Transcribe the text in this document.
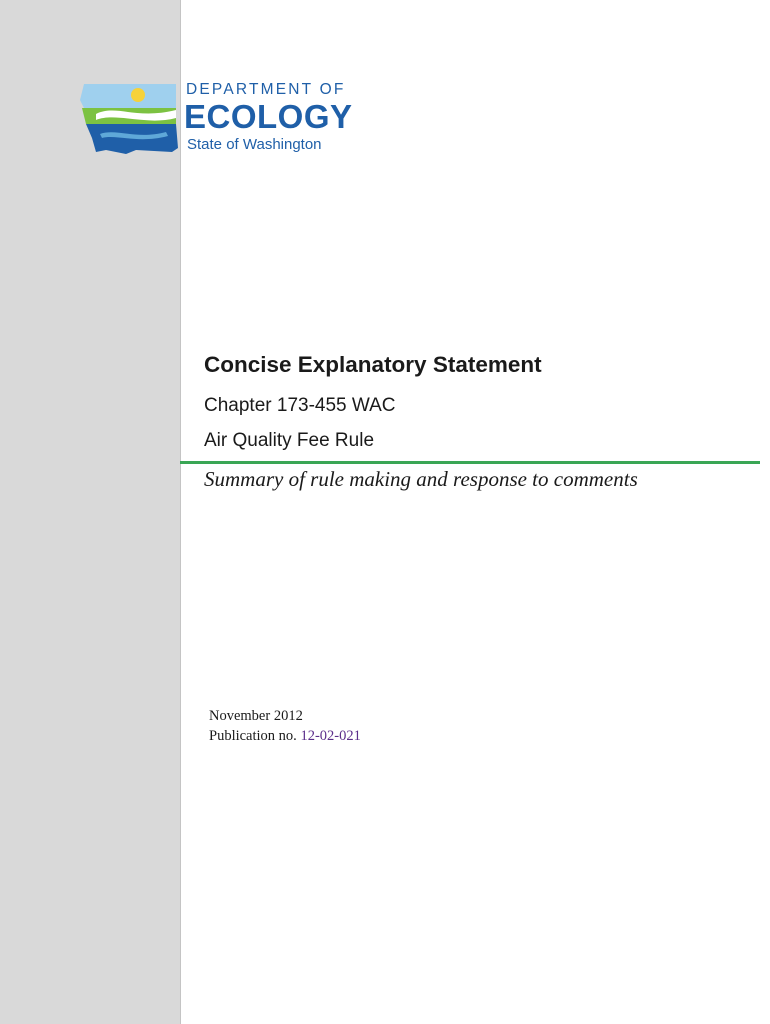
DEPARTMENT OF
ECOLOGY
State of Washington
Concise Explanatory Statement
Chapter 173-455 WAC
Air Quality Fee Rule
Summary of rule making and response to comments
November 2012
Publication no. 12-02-021
